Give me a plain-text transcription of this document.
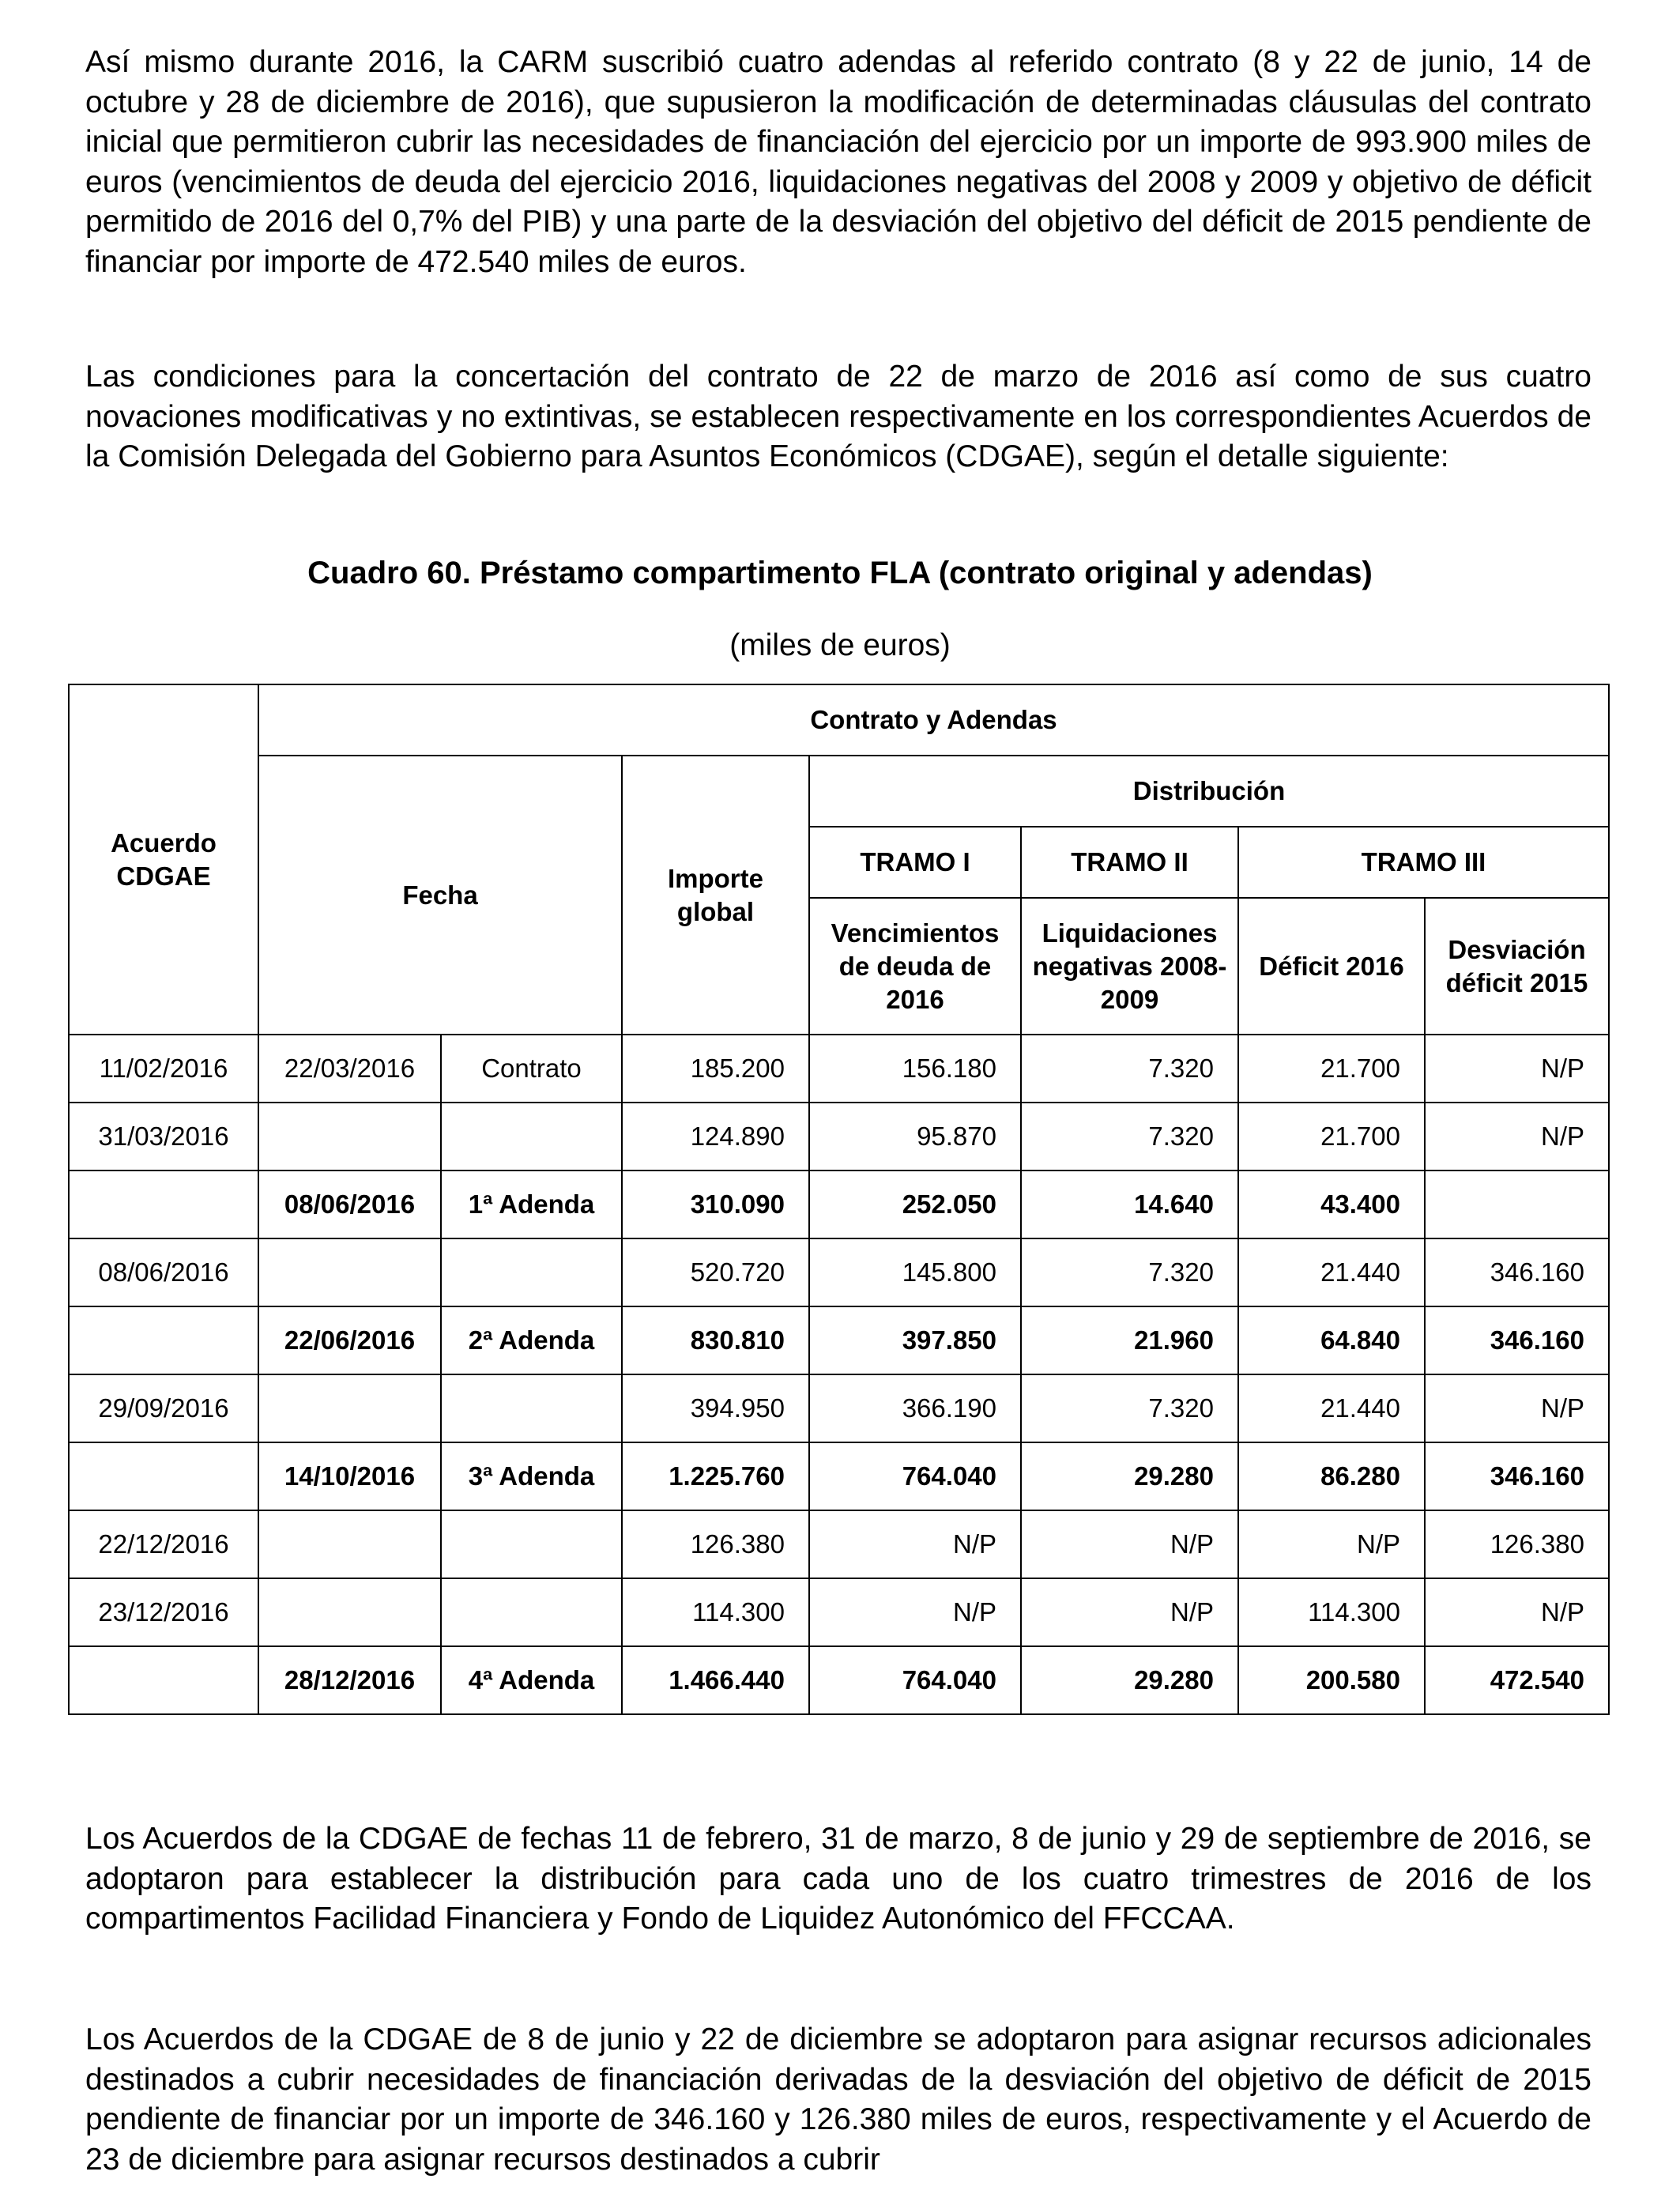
Así mismo durante 2016, la CARM suscribió cuatro adendas al referido contrato (8 y 22 de junio, 14 de octubre y 28 de diciembre de 2016), que supusieron la modificación de determinadas cláusulas del contrato inicial que permitieron cubrir las necesidades de financiación del ejercicio por un importe de 993.900 miles de euros (vencimientos de deuda del ejercicio 2016, liquidaciones negativas del 2008 y 2009 y objetivo de déficit permitido de 2016 del 0,7% del PIB) y una parte de la desviación del objetivo del déficit de 2015 pendiente de financiar por importe de 472.540 miles de euros.

Las condiciones para la concertación del contrato de 22 de marzo de 2016 así como de sus cuatro novaciones modificativas y no extintivas, se establecen respectivamente en los correspondientes Acuerdos de la Comisión Delegada del Gobierno para Asuntos Económicos (CDGAE), según el detalle siguiente:

Cuadro 60. Préstamo compartimento FLA (contrato original y adendas)

(miles de euros)

Acuerdo CDGAE	Contrato y Adendas						
	Fecha		Importe global	Distribución			
				TRAMO I	TRAMO II	TRAMO III	
				Vencimientos de deuda de 2016	Liquidaciones negativas 2008-2009	Déficit 2016	Desviación déficit 2015
11/02/2016	22/03/2016	Contrato	185.200	156.180	7.320	21.700	N/P
31/03/2016			124.890	95.870	7.320	21.700	N/P
	08/06/2016	1ª Adenda	310.090	252.050	14.640	43.400	
08/06/2016			520.720	145.800	7.320	21.440	346.160
	22/06/2016	2ª Adenda	830.810	397.850	21.960	64.840	346.160
29/09/2016			394.950	366.190	7.320	21.440	N/P
	14/10/2016	3ª Adenda	1.225.760	764.040	29.280	86.280	346.160
22/12/2016			126.380	N/P	N/P	N/P	126.380
23/12/2016			114.300	N/P	N/P	114.300	N/P
	28/12/2016	4ª Adenda	1.466.440	764.040	29.280	200.580	472.540

Los Acuerdos de la CDGAE de fechas 11 de febrero, 31 de marzo, 8 de junio y 29 de septiembre de 2016, se adoptaron para establecer la distribución para cada uno de los cuatro trimestres de 2016 de los compartimentos Facilidad Financiera y Fondo de Liquidez Autonómico del FFCCAA.

Los Acuerdos de la CDGAE de 8 de junio y 22 de diciembre se adoptaron para asignar recursos adicionales destinados a cubrir necesidades de financiación derivadas de la desviación del objetivo de déficit de 2015 pendiente de financiar por un importe de 346.160 y 126.380 miles de euros, respectivamente y el Acuerdo de 23 de diciembre para asignar recursos destinados a cubrir
